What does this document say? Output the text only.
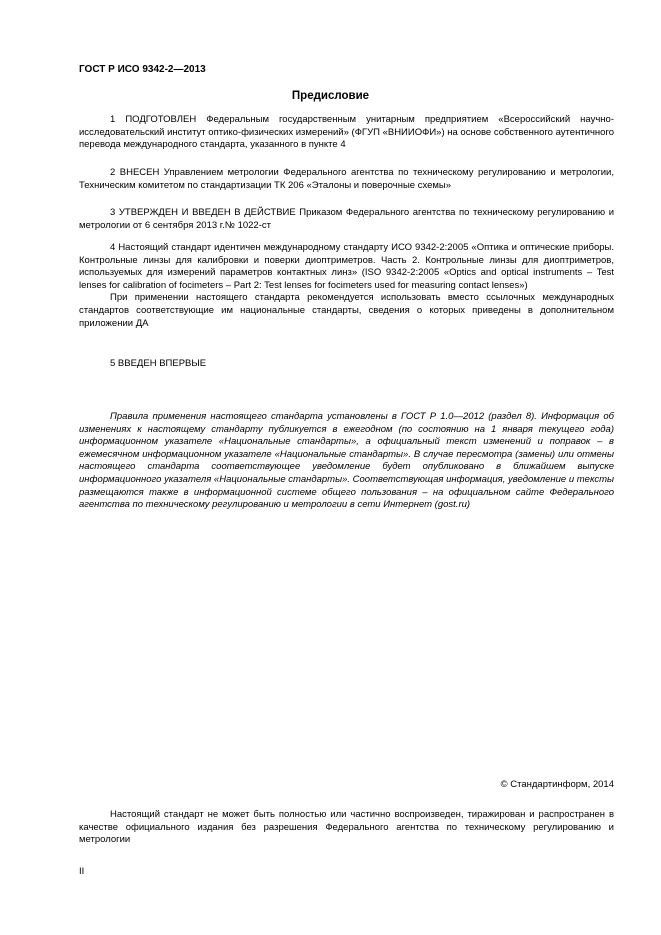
ГОСТ Р ИСО 9342-2—2013
Предисловие

1 ПОДГОТОВЛЕН Федеральным государственным унитарным предприятием «Всероссийский научно-исследовательский институт оптико-физических измерений» (ФГУП «ВНИИОФИ») на основе собственного аутентичного перевода международного стандарта, указанного в пункте 4

2 ВНЕСЕН Управлением метрологии Федерального агентства по техническому регулированию и метрологии, Техническим комитетом по стандартизации ТК 206 «Эталоны и поверочные схемы»

3 УТВЕРЖДЕН И ВВЕДЕН В ДЕЙСТВИЕ Приказом Федерального агентства по техническому регулированию и метрологии от 6 сентября 2013 г.№ 1022-ст

4 Настоящий стандарт идентичен международному стандарту ИСО 9342-2:2005 «Оптика и оптические приборы. Контрольные линзы для калибровки и поверки диоптриметров. Часть 2. Контрольные линзы для диоптриметров, используемых для измерений параметров контактных линз» (ISO 9342-2:2005 «Optics and optical instruments – Test lenses for calibration of focimeters – Part 2: Test lenses for focimeters used for measuring contact lenses»)

При применении настоящего стандарта рекомендуется использовать вместо ссылочных международных стандартов соответствующие им национальные стандарты, сведения о которых приведены в дополнительном приложении ДА

5 ВВЕДЕН ВПЕРВЫЕ

Правила применения настоящего стандарта установлены в ГОСТ Р 1.0—2012 (раздел 8). Информация об изменениях к настоящему стандарту публикуется в ежегодном (по состоянию на 1 января текущего года) информационном указателе «Национальные стандарты», а официальный текст изменений и поправок – в ежемесячном информационном указателе «Национальные стандарты». В случае пересмотра (замены) или отмены настоящего стандарта соответствующее уведомление будет опубликовано в ближайшем выпуске информационного указателя «Национальные стандарты». Соответствующая информация, уведомление и тексты размещаются также в информационной системе общего пользования – на официальном сайте Федерального агентства по техническому регулированию и метрологии в сети Интернет (gost.ru)

© Стандартинформ, 2014

Настоящий стандарт не может быть полностью или частично воспроизведен, тиражирован и распространен в качестве официального издания без разрешения Федерального агентства по техническому регулированию и метрологии

II
